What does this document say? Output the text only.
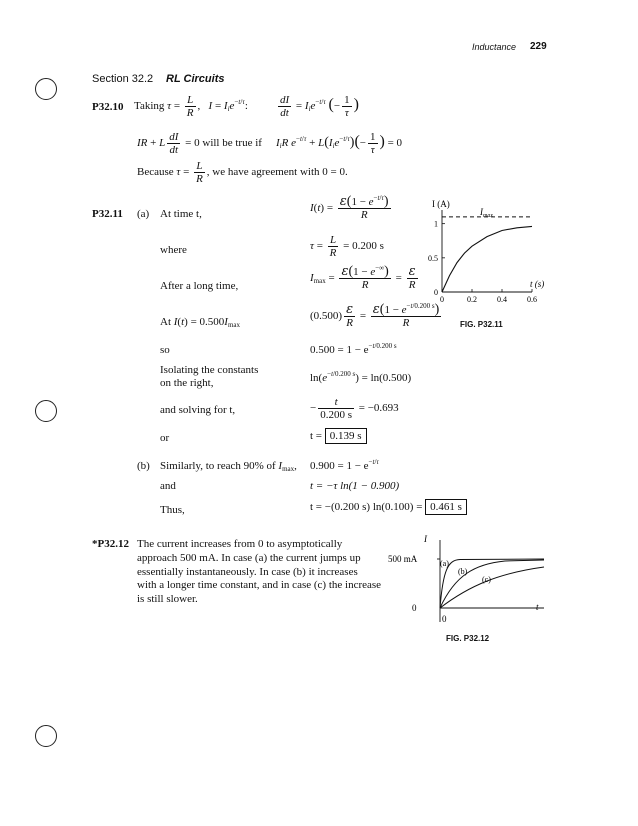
Inductance 229
Section 32.2 RL Circuits
P32.10 Taking $\tau = \frac{L}{R}$ ,   $I = I_ie^{-t/\tau}$:	$\frac{dI}{dt} = I_ie^{-t/\tau}$ (− $\frac{1}{\tau}$ )
IR + L $\frac{dI}{dt} = 0$ will be true if $I_iR$ $e^{-t/\tau} + L(I_ie^{-t/\tau})(- \frac{1}{\tau}$ ) = 0
Because $\tau = \frac{L}{R}$ , we have agreement with 0 = 0.
P32.11 (a) At time t,	$I(t) = \frac{\varepsilon(1 - e^{-t/\tau})}{R}$
where	$\tau = \frac{L}{R} = 0.200$ s
After a long time,
$I_{max} = \frac{\varepsilon(1 - e^{-\infty})}{R} = \frac{\varepsilon}{R}$
At $I(t) = 0.500I_{max}$
$(0.500) \frac{\varepsilon}{R} = \frac{\varepsilon(1 - e^{-t/0.200 s})}{R}$
so	$0.500 = 1 - e^{-t/0.200 s}$
Isolating the constants
on the right,	$\ln(e^{-t/0.200 s}) = \ln(0.500)$
and solving for t,	− $\frac{t}{0.200 s} = -0.693$
or	t = 0.139 s
(b) Similarly, to reach 90% of $I_{max}$, $0.900 = 1 - e^{-t/\tau}$
and	t = −τ ln(1 − 0.900)
Thus,	t = −(0.200 s) ln(0.100) = 0.461 s
0
0.5
1
0	0.2	0.4	0.6
I (A)
t (s)
$I_{max}$
FIG. P32.11
*P32.12 The current increases from 0 to asymptotically
approach 500 mA. In case (a) the current jumps up
essentially instantaneously. In case (b) it increases
with a longer time constant, and in case (c) the increase
is still slower.
I
t
500 mA
0
0
(a)
(b)
(c)
FIG. P32.12
